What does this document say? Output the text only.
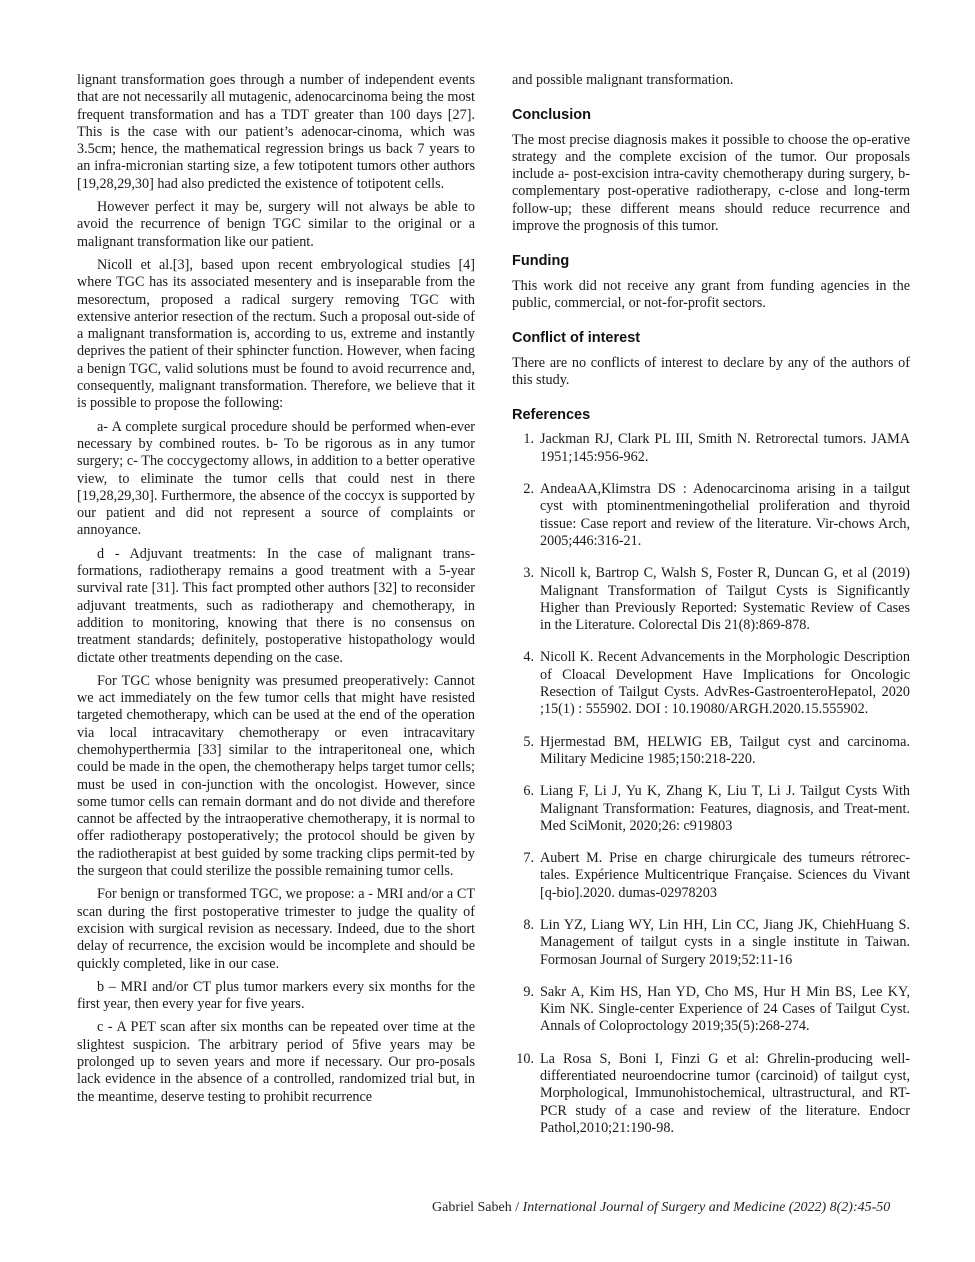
lignant transformation goes through a number of independent events that are not necessarily all mutagenic, adenocarcinoma being the most frequent transformation and has a TDT greater than 100 days [27]. This is the case with our patient’s adenocar-cinoma, which was 3.5cm; hence, the mathematical regression brings us back 7 years to an infra-micronian starting size, a few totipotent tumors other authors [19,28,29,30] had also predicted the existence of totipotent cells.

However perfect it may be, surgery will not always be able to avoid the recurrence of benign TGC similar to the original or a malignant transformation like our patient.

Nicoll et al.[3], based upon recent embryological studies [4] where TGC has its associated mesentery and is inseparable from the mesorectum, proposed a radical surgery removing TGC with extensive anterior resection of the rectum. Such a proposal out-side of a malignant transformation is, according to us, extreme and instantly deprives the patient of their sphincter function. However, when facing a benign TGC, valid solutions must be found to avoid recurrence and, consequently, malignant transformation. Therefore, we believe that it is possible to propose the following:

a- A complete surgical procedure should be performed when-ever necessary by combined routes. b- To be rigorous as in any tumor surgery; c- The coccygectomy allows, in addition to a better operative view, to eliminate the tumor cells that could nest in there [19,28,29,30]. Furthermore, the absence of the coccyx is supported by our patient and did not represent a source of complaints or annoyance.

d - Adjuvant treatments: In the case of malignant trans-formations, radiotherapy remains a good treatment with a 5-year survival rate [31]. This fact prompted other authors [32] to reconsider adjuvant treatments, such as radiotherapy and chemotherapy, in addition to monitoring, knowing that there is no consensus on treatment standards; definitely, postoperative histopathology would dictate other treatments depending on the case.

For TGC whose benignity was presumed preoperatively: Cannot we act immediately on the few tumor cells that might have resisted targeted chemotherapy, which can be used at the end of the operation via local intracavitary chemotherapy or even intracavitary chemohyperthermia [33] similar to the intraperitoneal one, which could be made in the open, the chemotherapy helps target tumor cells; must be used in con-junction with the oncologist. However, since some tumor cells can remain dormant and do not divide and therefore cannot be affected by the intraoperative chemotherapy, it is normal to offer radiotherapy postoperatively; the protocol should be given by the radiotherapist at best guided by some tracking clips permit-ted by the surgeon that could sterilize the possible remaining tumor cells.

For benign or transformed TGC, we propose: a - MRI and/or a CT scan during the first postoperative trimester to judge the quality of excision with surgical revision as necessary. Indeed, due to the short delay of recurrence, the excision would be incomplete and should be quickly completed, like in our case.

b – MRI and/or CT plus tumor markers every six months for the first year, then every year for five years.

c - A PET scan after six months can be repeated over time at the slightest suspicion. The arbitrary period of 5five years may be prolonged up to seven years and more if necessary. Our pro-posals lack evidence in the absence of a controlled, randomized trial but, in the meantime, deserve testing to prohibit recurrence

and possible malignant transformation.

Conclusion

The most precise diagnosis makes it possible to choose the op-erative strategy and the complete excision of the tumor. Our proposals include a- post-excision intra-cavity chemotherapy during surgery, b- complementary post-operative radiotherapy, c-close and long-term follow-up; these different means should reduce recurrence and improve the prognosis of this tumor.

Funding

This work did not receive any grant from funding agencies in the public, commercial, or not-for-profit sectors.

Conflict of interest

There are no conflicts of interest to declare by any of the authors of this study.

References
1. Jackman RJ, Clark PL III, Smith N. Retrorectal tumors. JAMA 1951;145:956-962.
2. AndeaAA,Klimstra DS : Adenocarcinoma arising in a tailgut cyst with ptominentmeningothelial proliferation and thyroid tissue: Case report and review of the literature. Vir-chows Arch, 2005;446:316-21.
3. Nicoll k, Bartrop C, Walsh S, Foster R, Duncan G, et al (2019) Malignant Transformation of Tailgut Cysts is Significantly Higher than Previously Reported: Systematic Review of Cases in the Literature. Colorectal Dis 21(8):869-878.
4. Nicoll K. Recent Advancements in the Morphologic Description of Cloacal Development Have Implications for Oncologic Resection of Tailgut Cysts. AdvRes-GastroenteroHepatol, 2020 ;15(1) : 555902. DOI : 10.19080/ARGH.2020.15.555902.
5. Hjermestad BM, HELWIG EB, Tailgut cyst and carcinoma. Military Medicine 1985;150:218-220.
6. Liang F, Li J, Yu K, Zhang K, Liu T, Li J. Tailgut Cysts With Malignant Transformation: Features, diagnosis, and Treat-ment. Med SciMonit, 2020;26: c919803
7. Aubert M. Prise en charge chirurgicale des tumeurs rétrorec-tales. Expérience Multicentrique Française. Sciences du Vivant [q-bio].2020. dumas-02978203
8. Lin YZ, Liang WY, Lin HH, Lin CC, Jiang JK, ChiehHuang S. Management of tailgut cysts in a single institute in Taiwan. Formosan Journal of Surgery 2019;52:11-16
9. Sakr A, Kim HS, Han YD, Cho MS, Hur H Min BS, Lee KY, Kim NK. Single-center Experience of 24 Cases of Tailgut Cyst. Annals of Coloproctology 2019;35(5):268-274.
10. La Rosa S, Boni I, Finzi G et al: Ghrelin-producing well-differentiated neuroendocrine tumor (carcinoid) of tailgut cyst, Morphological, Immunohistochemical, ultrastructural, and RT-PCR study of a case and review of the literature. Endocr Pathol,2010;21:190-98.
Gabriel Sabeh / International Journal of Surgery and Medicine (2022) 8(2):45-50
